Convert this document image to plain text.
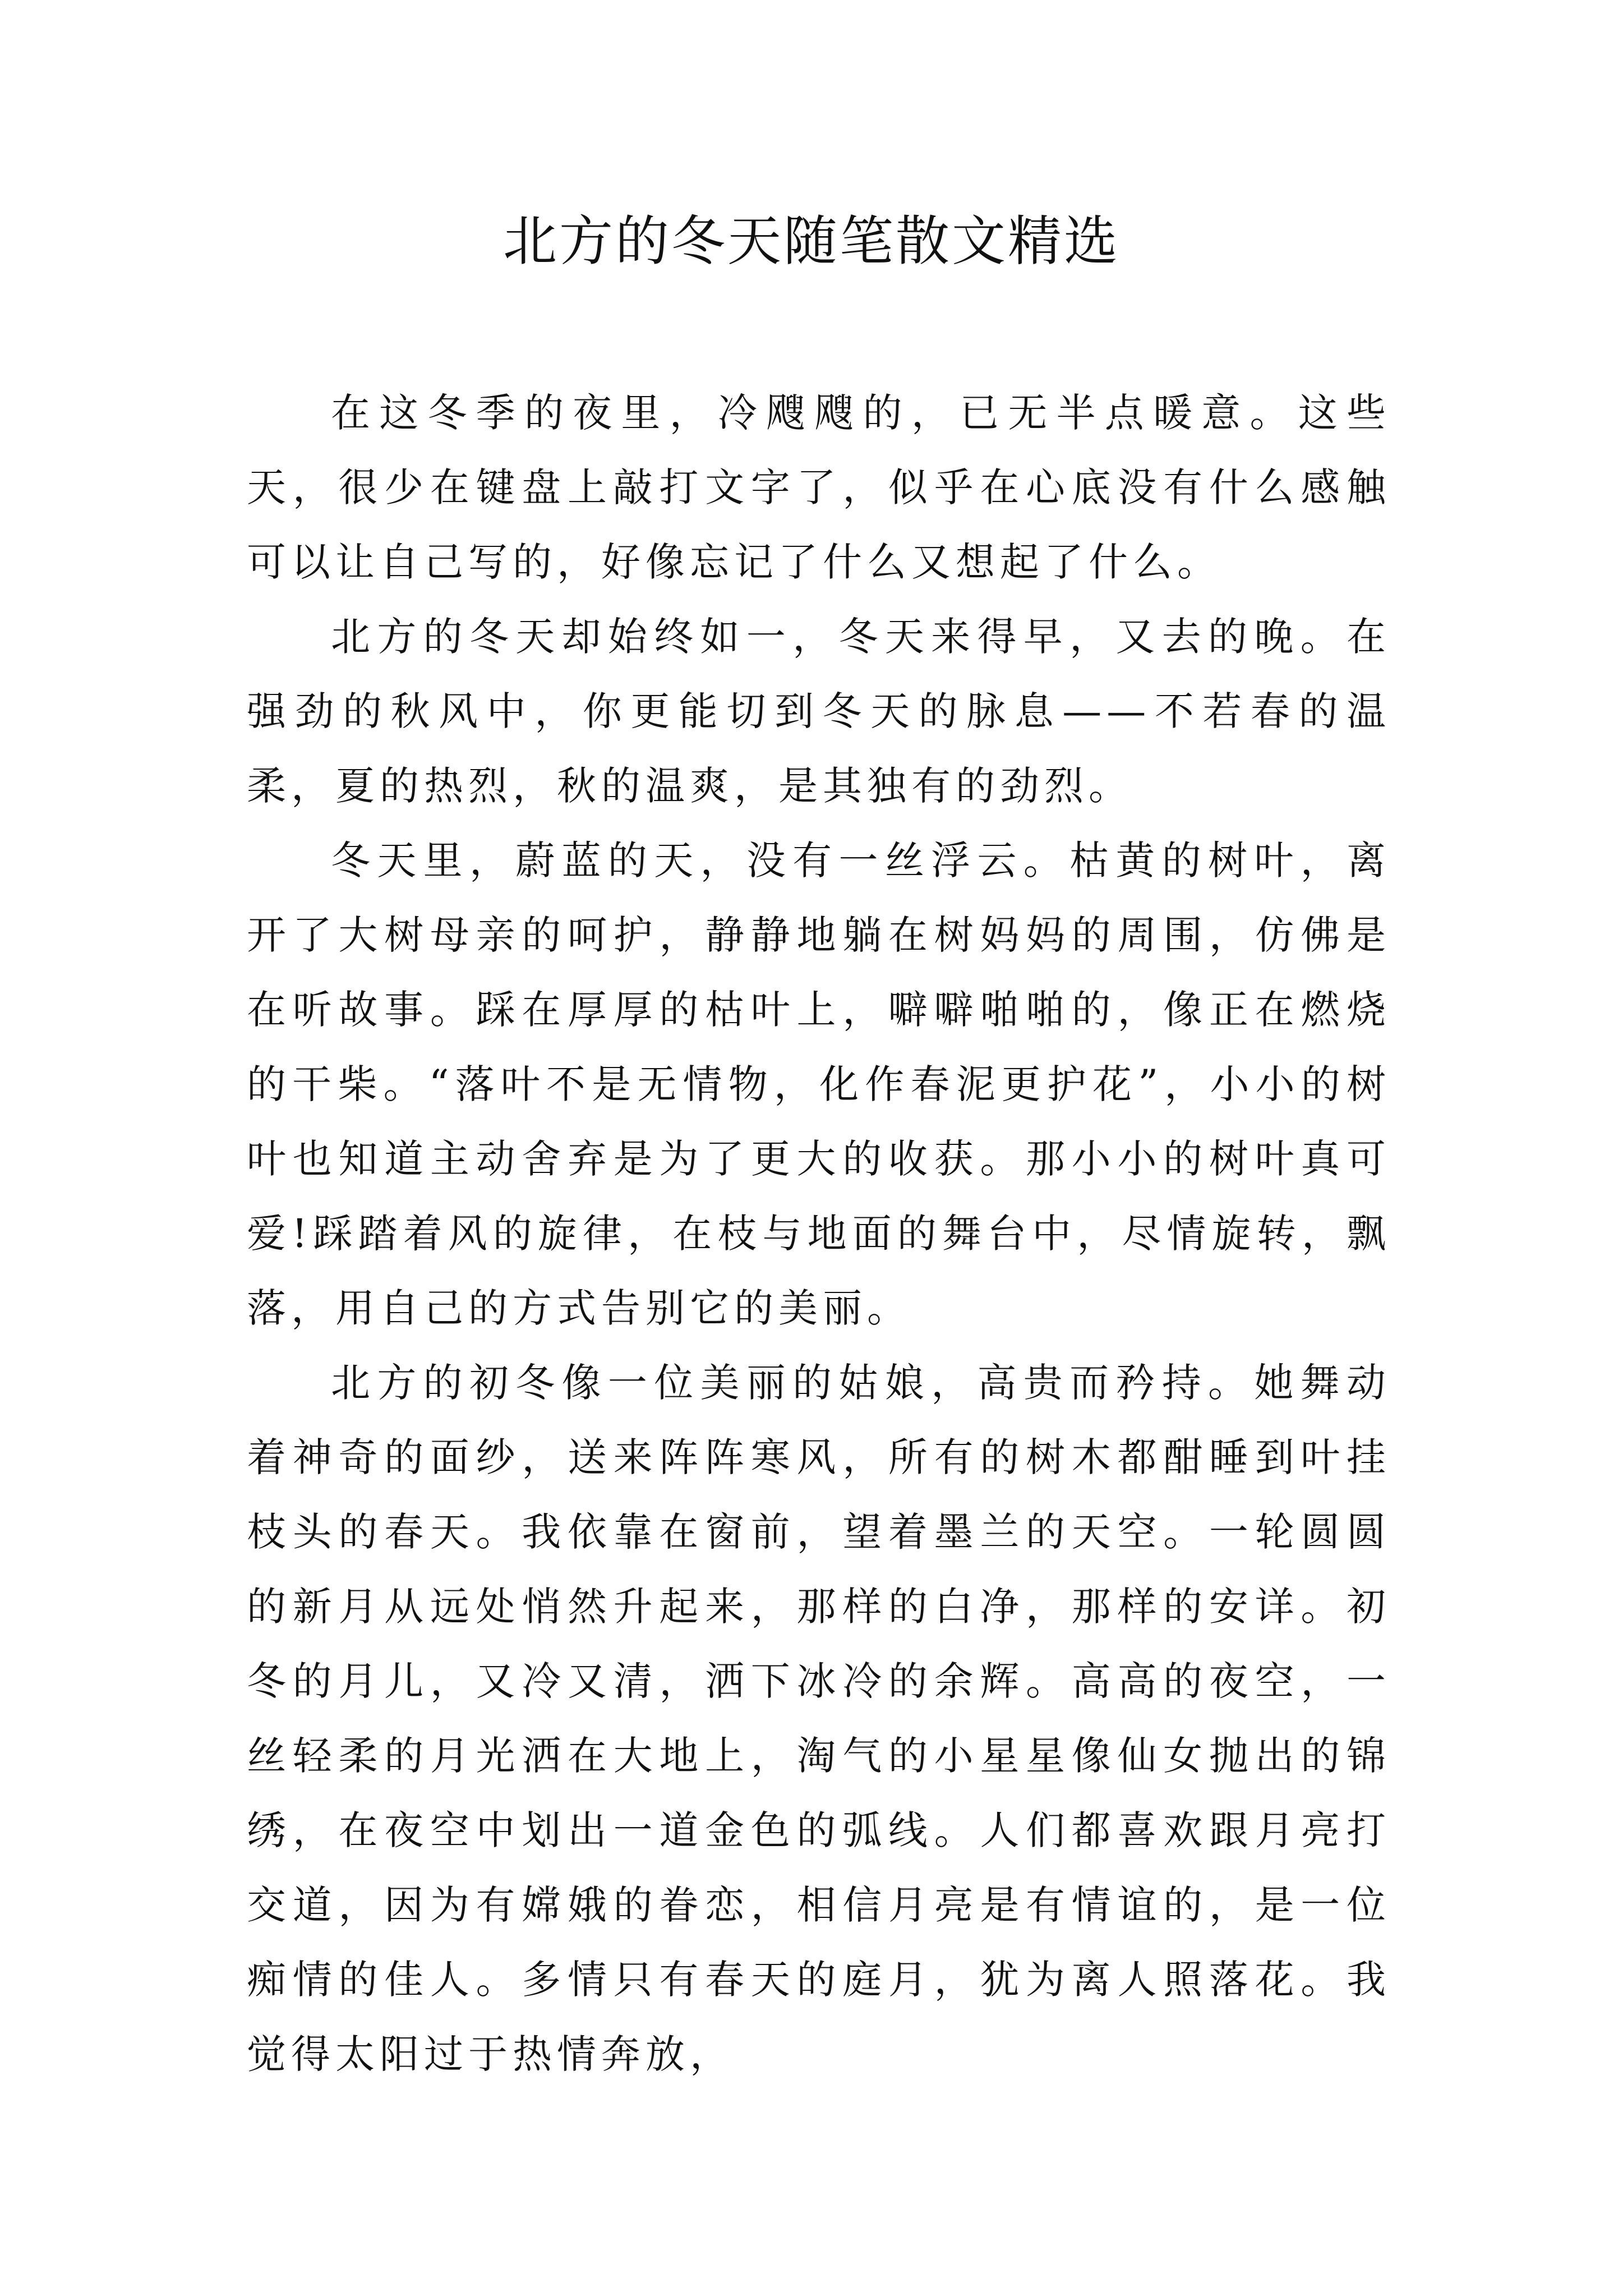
北方的冬天随笔散文精选

在这冬季的夜里，冷飕飕的，已无半点暖意。这些天，很少在键盘上敲打文字了，似乎在心底没有什么感触可以让自己写的，好像忘记了什么又想起了什么。

北方的冬天却始终如一，冬天来得早，又去的晚。在强劲的秋风中，你更能切到冬天的脉息——不若春的温柔，夏的热烈，秋的温爽，是其独有的劲烈。

冬天里，蔚蓝的天，没有一丝浮云。枯黄的树叶，离开了大树母亲的呵护，静静地躺在树妈妈的周围，仿佛是在听故事。踩在厚厚的枯叶上，噼噼啪啪的，像正在燃烧的干柴。“落叶不是无情物，化作春泥更护花”，小小的树叶也知道主动舍弃是为了更大的收获。那小小的树叶真可爱!踩踏着风的旋律，在枝与地面的舞台中，尽情旋转，飘落，用自己的方式告别它的美丽。

北方的初冬像一位美丽的姑娘，高贵而矜持。她舞动着神奇的面纱，送来阵阵寒风，所有的树木都酣睡到叶挂枝头的春天。我依靠在窗前，望着墨兰的天空。一轮圆圆的新月从远处悄然升起来，那样的白净，那样的安详。初冬的月儿，又冷又清，洒下冰冷的余辉。高高的夜空，一丝轻柔的月光洒在大地上，淘气的小星星像仙女抛出的锦绣，在夜空中划出一道金色的弧线。人们都喜欢跟月亮打交道，因为有嫦娥的眷恋，相信月亮是有情谊的，是一位痴情的佳人。多情只有春天的庭月，犹为离人照落花。我觉得太阳过于热情奔放，
